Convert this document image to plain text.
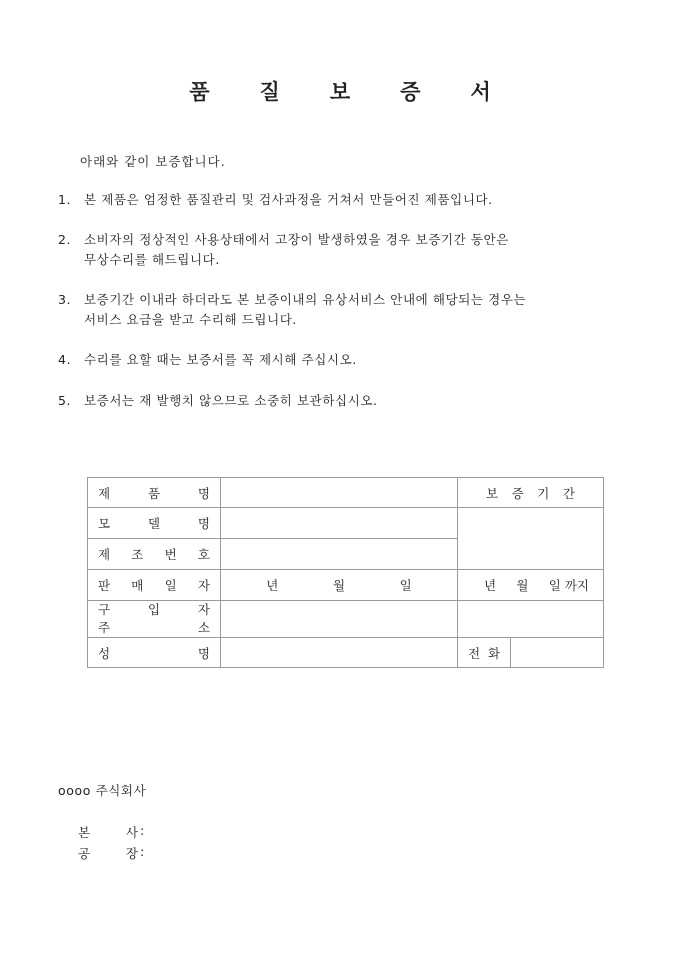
품 질 보 증 서
아래와 같이 보증합니다.
1. 본 제품은 엄정한 품질관리 및 검사과정을 거쳐서 만들어진 제품입니다.
2. 소비자의 정상적인 사용상태에서 고장이 발생하였을 경우 보증기간 동안은
무상수리를 해드립니다.
3. 보증기간 이내라 하더라도 본 보증이내의 유상서비스 안내에 해당되는 경우는
서비스 요금을 받고 수리해 드립니다.
4. 수리를 요할 때는 보증서를 꼭 제시해 주십시오.
5. 보증서는 재 발행치 않으므로 소중히 보관하십시오.
제 품 명		보 증 기 간	

모 델 명			

제 조 번 호			

판 매 일 자	년 월 일	년 월 일 까지	

구 입 자
주 소			

성 명		전  화	
oooo 주식회사
본	사 :
공	장 :
